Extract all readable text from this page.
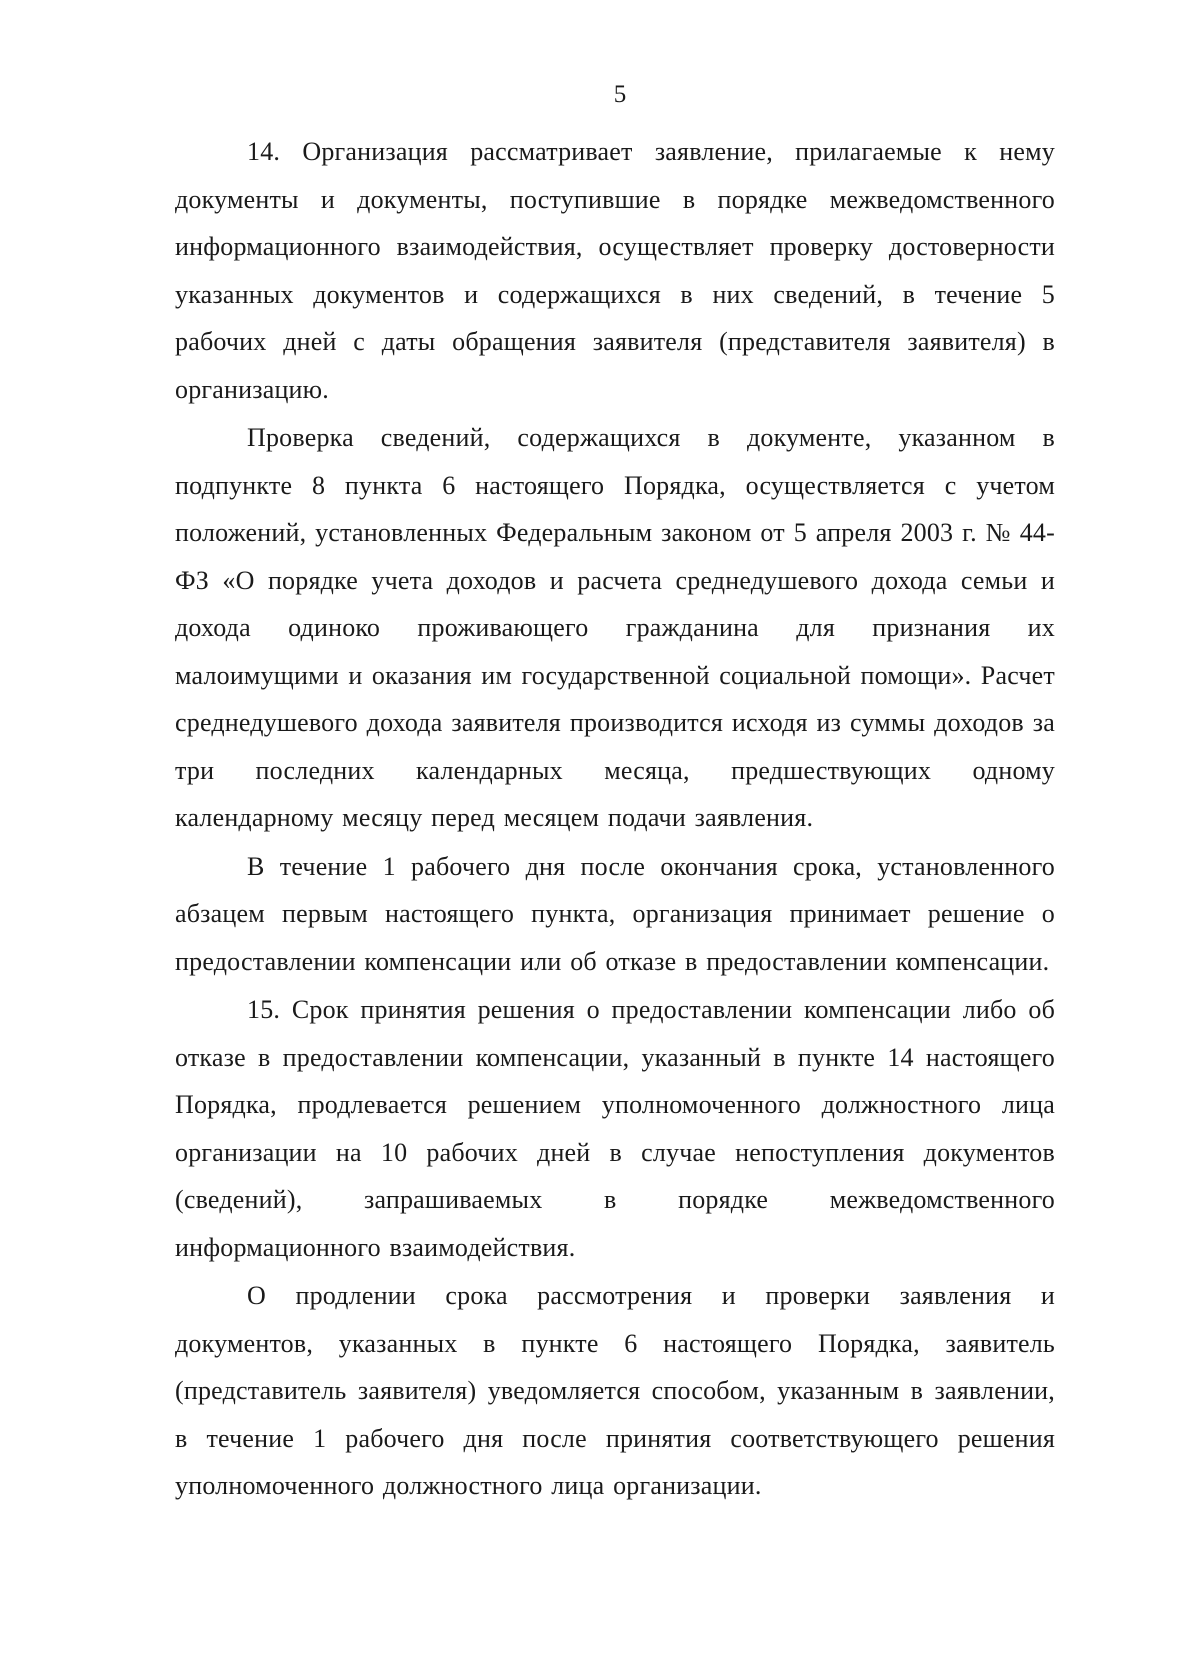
5

14. Организация рассматривает заявление, прилагаемые к нему документы и документы, поступившие в порядке межведомственного информационного взаимодействия, осуществляет проверку достоверности указанных документов и содержащихся в них сведений, в течение 5 рабочих дней с даты обращения заявителя (представителя заявителя) в организацию.

Проверка сведений, содержащихся в документе, указанном в подпункте 8 пункта 6 настоящего Порядка, осуществляется с учетом положений, установленных Федеральным законом от 5 апреля 2003 г. № 44-ФЗ «О порядке учета доходов и расчета среднедушевого дохода семьи и дохода одиноко проживающего гражданина для признания их малоимущими и оказания им государственной социальной помощи». Расчет среднедушевого дохода заявителя производится исходя из суммы доходов за три последних календарных месяца, предшествующих одному календарному месяцу перед месяцем подачи заявления.

В течение 1 рабочего дня после окончания срока, установленного абзацем первым настоящего пункта, организация принимает решение о предоставлении компенсации или об отказе в предоставлении компенсации.

15. Срок принятия решения о предоставлении компенсации либо об отказе в предоставлении компенсации, указанный в пункте 14 настоящего Порядка, продлевается решением уполномоченного должностного лица организации на 10 рабочих дней в случае непоступления документов (сведений), запрашиваемых в порядке межведомственного информационного взаимодействия.

О продлении срока рассмотрения и проверки заявления и документов, указанных в пункте 6 настоящего Порядка, заявитель (представитель заявителя) уведомляется способом, указанным в заявлении, в течение 1 рабочего дня после принятия соответствующего решения уполномоченного должностного лица организации.
